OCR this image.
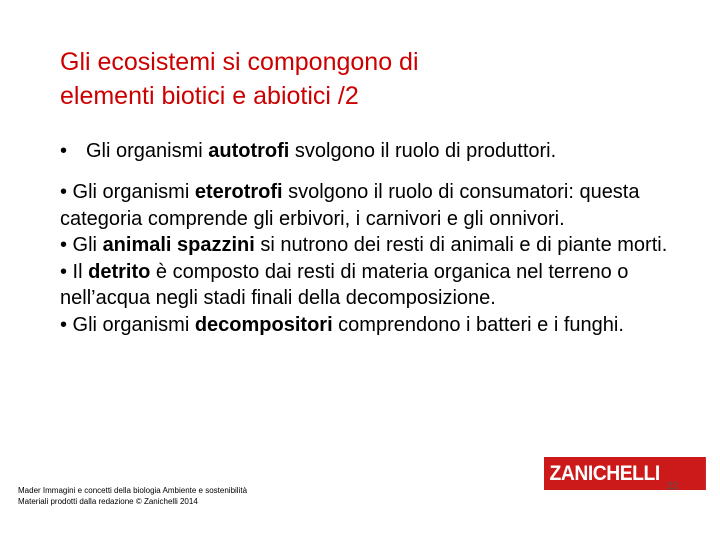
Gli ecosistemi si compongono di
elementi biotici e abiotici /2
• Gli organismi autotrofi svolgono il ruolo di produttori.

• Gli organismi eterotrofi svolgono il ruolo di consumatori: questa categoria comprende gli erbivori, i carnivori e gli onnivori.

• Gli animali spazzini si nutrono dei resti di animali e di piante morti.

• Il detrito è composto dai resti di materia organica nel terreno o nell’acqua negli stadi finali della decomposizione.

• Gli organismi decompositori comprendono i batteri e i funghi.

ZANICHELLI
Mader Immagini e concetti della biologia Ambiente e sostenibilità
Materiali prodotti dalla redazione © Zanichelli 2014
22
